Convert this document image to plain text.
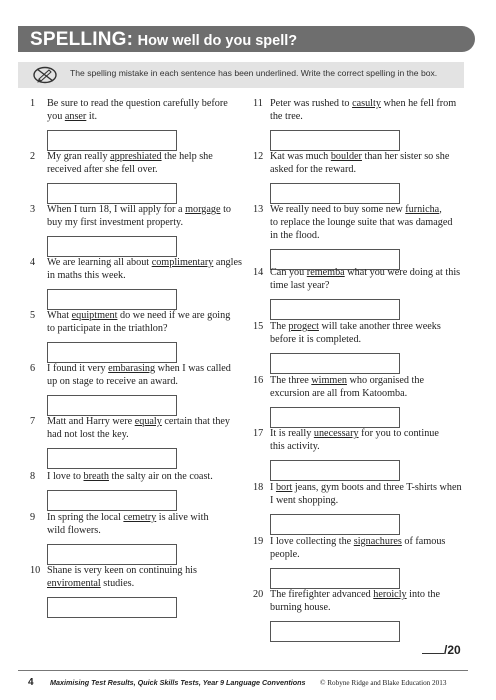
SPELLING: How well do you spell?
The spelling mistake in each sentence has been underlined. Write the correct spelling in the box.
1	Be sure to read the question carefully before
you anser it.
2	My gran really appreshiated the help she
received after she fell over.
3	When I turn 18, I will apply for a morgage to
buy my first investment property.
4	We are learning all about complimentary angles
in maths this week.
5	What equiptment do we need if we are going
to participate in the triathlon?
6	I found it very embarasing when I was called
up on stage to receive an award.
7	Matt and Harry were equaly certain that they
had not lost the key.
8	I love to breath the salty air on the coast.
9	In spring the local cemetry is alive with
wild flowers.
10 Shane is very keen on continuing his
enviromental studies.
11 Peter was rushed to casulty when he fell from
the tree.
12 Kat was much boulder than her sister so she
asked for the reward.
13 We really need to buy some new furnicha,
to replace the lounge suite that was damaged
in the flood.
14 Can you rememba what you were doing at this
time last year?
15 The progect will take another three weeks
before it is completed.
16 The three wimmen who organised the
excursion are all from Katoomba.
17 It is really unecessary for you to continue
this activity.
18 I bort jeans, gym boots and three T-shirts when
I went shopping.
19 I love collecting the signachures of famous
people.
20 The firefighter advanced heroicly into the
burning house.
/20
4 Maximising Test Results, Quick Skills Tests, Year 9 Language Conventions © Robyne Ridge and Blake Education 2013
